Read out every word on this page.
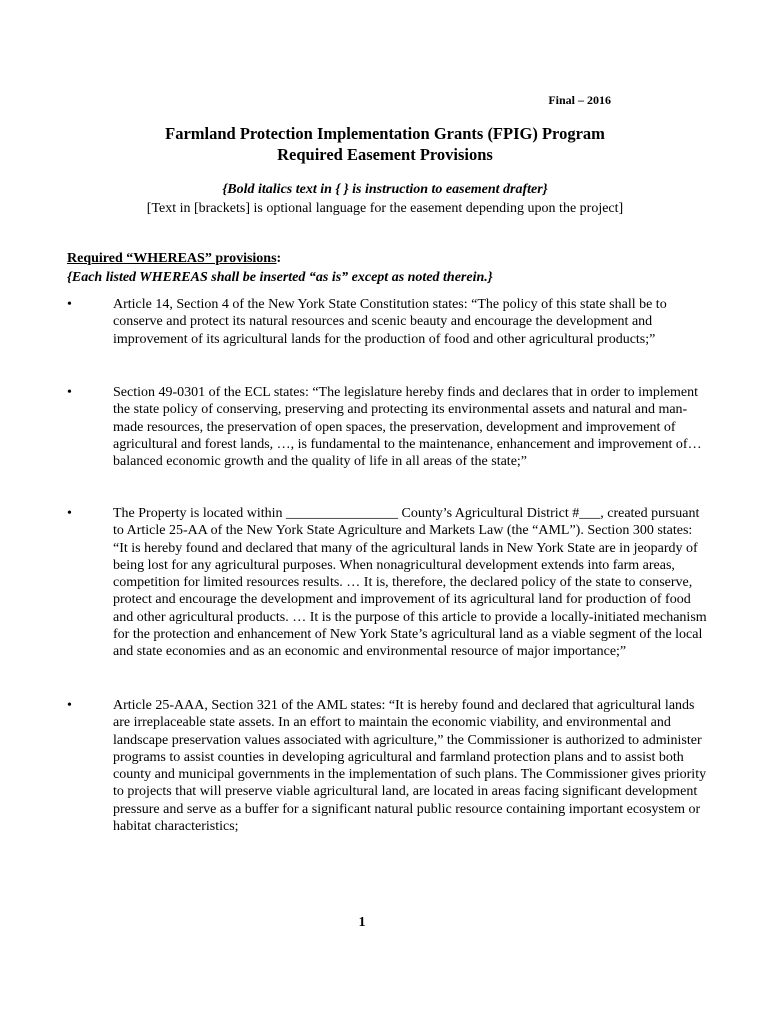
Final – 2016
Farmland Protection Implementation Grants (FPIG) Program
Required Easement Provisions
{Bold italics text in { } is instruction to easement drafter}
[Text in [brackets] is optional language for the easement depending upon the project]
Required “WHEREAS” provisions:
{Each listed WHEREAS shall be inserted “as is” except as noted therein.}
•	Article 14, Section 4 of the New York State Constitution states: “The policy of this state shall be to conserve and protect its natural resources and scenic beauty and encourage the development and improvement of its agricultural lands for the production of food and other agricultural products;”
•	Section 49-0301 of the ECL states: “The legislature hereby finds and declares that in order to implement the state policy of conserving, preserving and protecting its environmental assets and natural and man-made resources, the preservation of open spaces, the preservation, development and improvement of agricultural and forest lands, …, is fundamental to the maintenance, enhancement and improvement of…balanced economic growth and the quality of life in all areas of the state;”
•	The Property is located within ________________ County’s Agricultural District #___, created pursuant to Article 25-AA of the New York State Agriculture and Markets Law (the “AML”). Section 300 states: “It is hereby found and declared that many of the agricultural lands in New York State are in jeopardy of being lost for any agricultural purposes. When nonagricultural development extends into farm areas, competition for limited resources results. … It is, therefore, the declared policy of the state to conserve, protect and encourage the development and improvement of its agricultural land for production of food and other agricultural products. … It is the purpose of this article to provide a locally-initiated mechanism for the protection and enhancement of New York State’s agricultural land as a viable segment of the local and state economies and as an economic and environmental resource of major importance;”
•	Article 25-AAA, Section 321 of the AML states: “It is hereby found and declared that agricultural lands are irreplaceable state assets. In an effort to maintain the economic viability, and environmental and landscape preservation values associated with agriculture,” the Commissioner is authorized to administer programs to assist counties in developing agricultural and farmland protection plans and to assist both county and municipal governments in the implementation of such plans. The Commissioner gives priority to projects that will preserve viable agricultural land, are located in areas facing significant development pressure and serve as a buffer for a significant natural public resource containing important ecosystem or habitat characteristics;
1
